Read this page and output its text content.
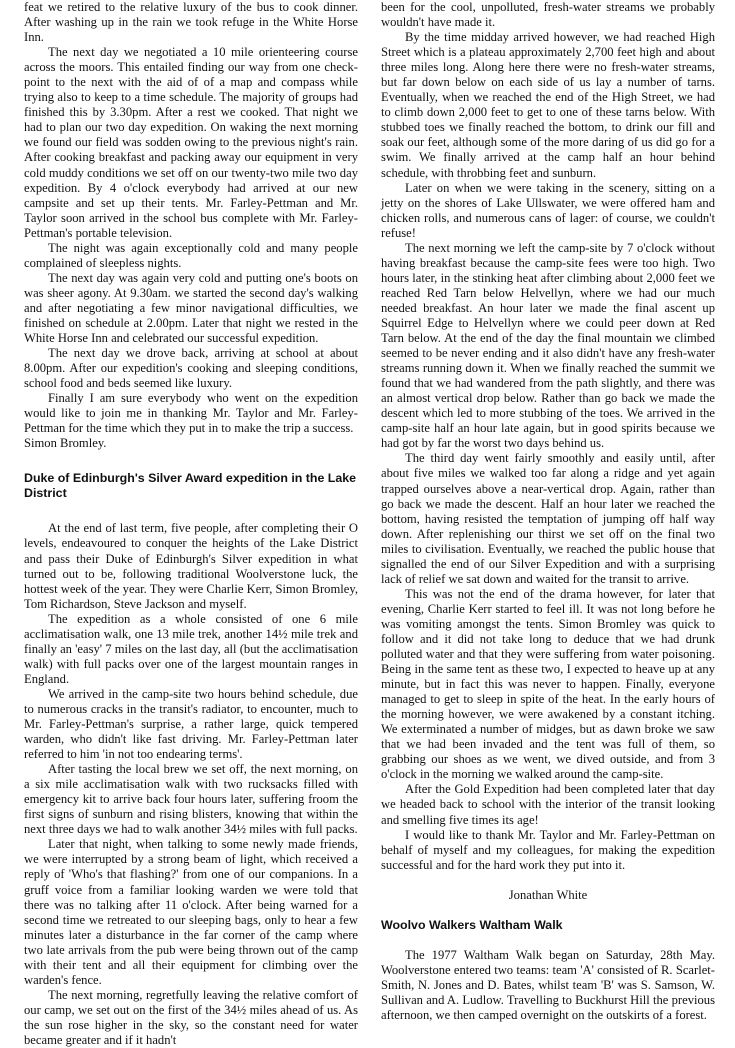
feat we retired to the relative luxury of the bus to cook dinner. After washing up in the rain we took refuge in the White Horse Inn.

The next day we negotiated a 10 mile orienteering course across the moors. This entailed finding our way from one check-point to the next with the aid of of a map and compass while trying also to keep to a time schedule. The majority of groups had finished this by 3.30pm. After a rest we cooked. That night we had to plan our two day expedition. On waking the next morning we found our field was sodden owing to the previous night's rain. After cooking breakfast and packing away our equipment in very cold muddy conditions we set off on our twenty-two mile two day expedition. By 4 o'clock everybody had arrived at our new campsite and set up their tents. Mr. Farley-Pettman and Mr. Taylor soon arrived in the school bus complete with Mr. Farley-Pettman's portable television.

The night was again exceptionally cold and many people complained of sleepless nights.

The next day was again very cold and putting one's boots on was sheer agony. At 9.30am. we started the second day's walking and after negotiating a few minor navigational difficulties, we finished on schedule at 2.00pm. Later that night we rested in the White Horse Inn and celebrated our successful expedition.

The next day we drove back, arriving at school at about 8.00pm. After our expedition's cooking and sleeping conditions, school food and beds seemed like luxury.

Finally I am sure everybody who went on the expedition would like to join me in thanking Mr. Taylor and Mr. Farley-Pettman for the time which they put in to make the trip a success.

Simon Bromley.

Duke of Edinburgh's Silver Award expedition in the Lake District

At the end of last term, five people, after completing their O levels, endeavoured to conquer the heights of the Lake District and pass their Duke of Edinburgh's Silver expedition in what turned out to be, following traditional Woolverstone luck, the hottest week of the year. They were Charlie Kerr, Simon Bromley, Tom Richardson, Steve Jackson and myself.

The expedition as a whole consisted of one 6 mile acclimatisation walk, one 13 mile trek, another 14½ mile trek and finally an 'easy' 7 miles on the last day, all (but the acclimatisation walk) with full packs over one of the largest mountain ranges in England.

We arrived in the camp-site two hours behind schedule, due to numerous cracks in the transit's radiator, to encounter, much to Mr. Farley-Pettman's surprise, a rather large, quick tempered warden, who didn't like fast driving. Mr. Farley-Pettman later referred to him 'in not too endearing terms'.

After tasting the local brew we set off, the next morning, on a six mile acclimatisation walk with two rucksacks filled with emergency kit to arrive back four hours later, suffering froom the first signs of sunburn and rising blisters, knowing that within the next three days we had to walk another 34½ miles with full packs.

Later that night, when talking to some newly made friends, we were interrupted by a strong beam of light, which received a reply of 'Who's that flashing?' from one of our companions. In a gruff voice from a familiar looking warden we were told that there was no talking after 11 o'clock. After being warned for a second time we retreated to our sleeping bags, only to hear a few minutes later a disturbance in the far corner of the camp where two late arrivals from the pub were being thrown out of the camp with their tent and all their equipment for climbing over the warden's fence.

The next morning, regretfully leaving the relative comfort of our camp, we set out on the first of the 34½ miles ahead of us. As the sun rose higher in the sky, so the constant need for water became greater and if it hadn't

been for the cool, unpolluted, fresh-water streams we probably wouldn't have made it.

By the time midday arrived however, we had reached High Street which is a plateau approximately 2,700 feet high and about three miles long. Along here there were no fresh-water streams, but far down below on each side of us lay a number of tarns. Eventually, when we reached the end of the High Street, we had to climb down 2,000 feet to get to one of these tarns below. With stubbed toes we finally reached the bottom, to drink our fill and soak our feet, although some of the more daring of us did go for a swim. We finally arrived at the camp half an hour behind schedule, with throbbing feet and sunburn.

Later on when we were taking in the scenery, sitting on a jetty on the shores of Lake Ullswater, we were offered ham and chicken rolls, and numerous cans of lager: of course, we couldn't refuse!

The next morning we left the camp-site by 7 o'clock without having breakfast because the camp-site fees were too high. Two hours later, in the stinking heat after climbing about 2,000 feet we reached Red Tarn below Helvellyn, where we had our much needed breakfast. An hour later we made the final ascent up Squirrel Edge to Helvellyn where we could peer down at Red Tarn below. At the end of the day the final mountain we climbed seemed to be never ending and it also didn't have any fresh-water streams running down it. When we finally reached the summit we found that we had wandered from the path slightly, and there was an almost vertical drop below. Rather than go back we made the descent which led to more stubbing of the toes. We arrived in the camp-site half an hour late again, but in good spirits because we had got by far the worst two days behind us.

The third day went fairly smoothly and easily until, after about five miles we walked too far along a ridge and yet again trapped ourselves above a near-vertical drop. Again, rather than go back we made the descent. Half an hour later we reached the bottom, having resisted the temptation of jumping off half way down. After replenishing our thirst we set off on the final two miles to civilisation. Eventually, we reached the public house that signalled the end of our Silver Expedition and with a surprising lack of relief we sat down and waited for the transit to arrive.

This was not the end of the drama however, for later that evening, Charlie Kerr started to feel ill. It was not long before he was vomiting amongst the tents. Simon Bromley was quick to follow and it did not take long to deduce that we had drunk polluted water and that they were suffering from water poisoning. Being in the same tent as these two, I expected to heave up at any minute, but in fact this was never to happen. Finally, everyone managed to get to sleep in spite of the heat. In the early hours of the morning however, we were awakened by a constant itching. We exterminated a number of midges, but as dawn broke we saw that we had been invaded and the tent was full of them, so grabbing our shoes as we went, we dived outside, and from 3 o'clock in the morning we walked around the camp-site.

After the Gold Expedition had been completed later that day we headed back to school with the interior of the transit looking and smelling five times its age!

I would like to thank Mr. Taylor and Mr. Farley-Pettman on behalf of myself and my colleagues, for making the expedition successful and for the hard work they put into it.

Jonathan White

Woolvo Walkers Waltham Walk

The 1977 Waltham Walk began on Saturday, 28th May. Woolverstone entered two teams: team 'A' consisted of R. Scarlet-Smith, N. Jones and D. Bates, whilst team 'B' was S. Samson, W. Sullivan and A. Ludlow. Travelling to Buckhurst Hill the previous afternoon, we then camped overnight on the outskirts of a forest.
